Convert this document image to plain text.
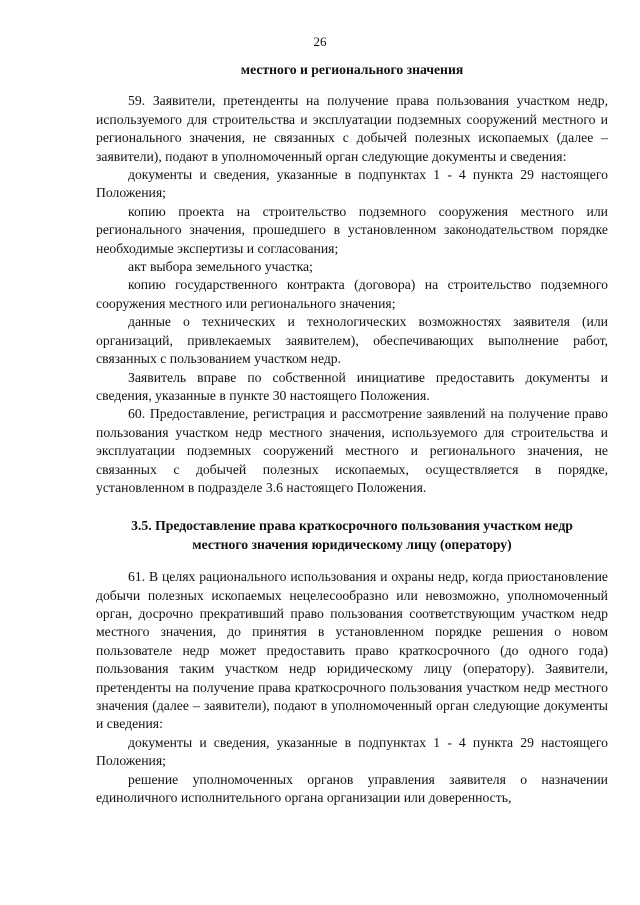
26

местного и регионального значения

59. Заявители, претенденты на получение права пользования участком недр, используемого для строительства и эксплуатации подземных сооружений местного и регионального значения, не связанных с добычей полезных ископаемых (далее – заявители), подают в уполномоченный орган следующие документы и сведения:

документы и сведения, указанные в подпунктах 1 - 4 пункта 29 настоящего Положения;

копию проекта на строительство подземного сооружения местного или регионального значения, прошедшего в установленном законодательством порядке необходимые экспертизы и согласования;

акт выбора земельного участка;

копию государственного контракта (договора) на строительство подземного сооружения местного или регионального значения;

данные о технических и технологических возможностях заявителя (или организаций, привлекаемых заявителем), обеспечивающих выполнение работ, связанных с пользованием участком недр.

Заявитель вправе по собственной инициативе предоставить документы и сведения, указанные в пункте 30 настоящего Положения.

60. Предоставление, регистрация и рассмотрение заявлений на получение право пользования участком недр местного значения, используемого для строительства и эксплуатации подземных сооружений местного и регионального значения, не связанных с добычей полезных ископаемых, осуществляется в порядке, установленном в подразделе 3.6 настоящего Положения.

3.5. Предоставление права краткосрочного пользования участком недр

местного значения юридическому лицу (оператору)

61. В целях рационального использования и охраны недр, когда приостановление добычи полезных ископаемых нецелесообразно или невозможно, уполномоченный орган, досрочно прекративший право пользования соответствующим участком недр местного значения, до принятия в установленном порядке решения о новом пользователе недр может предоставить право краткосрочного (до одного года) пользования таким участком недр юридическому лицу (оператору). Заявители, претенденты на получение права краткосрочного пользования участком недр местного значения (далее – заявители), подают в уполномоченный орган следующие документы и сведения:

документы и сведения, указанные в подпунктах 1 - 4 пункта 29 настоящего Положения;

решение уполномоченных органов управления заявителя о назначении единоличного исполнительного органа организации или доверенность,
